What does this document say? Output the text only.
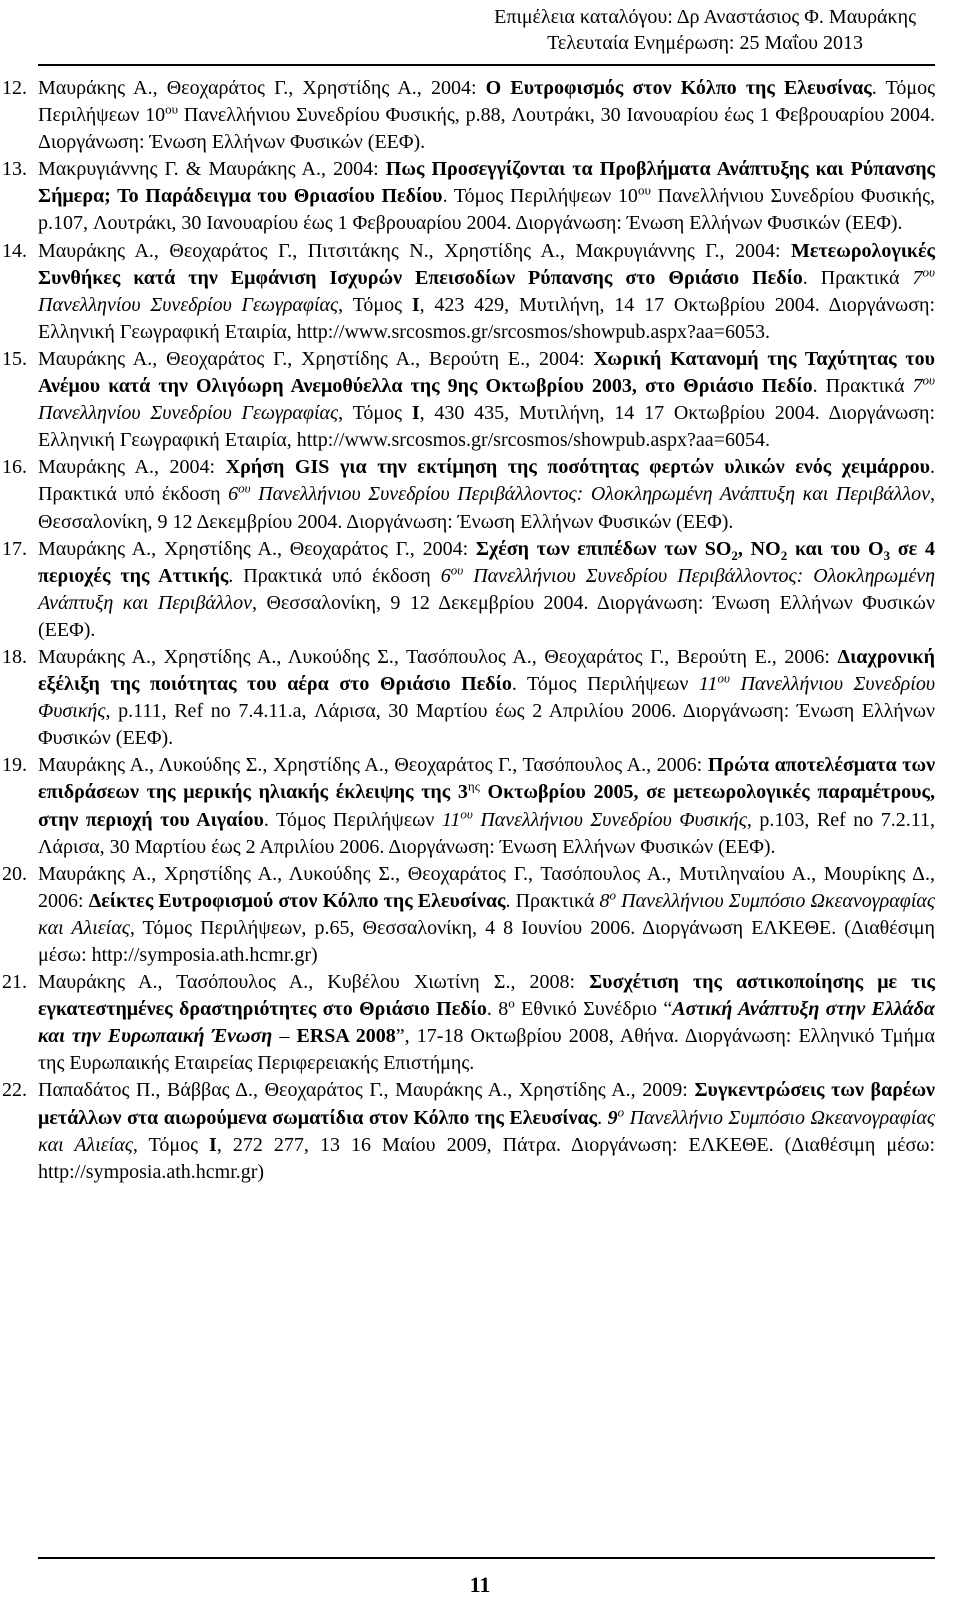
Επιμέλεια καταλόγου: Δρ Αναστάσιος Φ. Μαυράκης
Τελευταία Ενημέρωση: 25 Μαΐου 2013
12. Μαυράκης Α., Θεοχαράτος Γ., Χρηστίδης Α., 2004: Ο Ευτροφισμός στον Κόλπο της Ελευσίνας. Τόμος Περιλήψεων $10^{o\upsilon}$ Πανελλήνιου Συνεδρίου Φυσικής, p.88, Λουτράκι, 30 Ιανουαρίου έως 1 Φεβρουαρίου 2004. Διοργάνωση: Ένωση Ελλήνων Φυσικών (ΕΕΦ).
13. Μακρυγιάννης Γ. & Μαυράκης Α., 2004: Πως Προσεγγίζονται τα Προβλήματα Ανάπτυξης και Ρύπανσης Σήμερα; Το Παράδειγμα του Θριασίου Πεδίου. Τόμος Περιλήψεων $10^{o\upsilon}$ Πανελλήνιου Συνεδρίου Φυσικής, p.107, Λουτράκι, 30 Ιανουαρίου έως 1 Φεβρουαρίου 2004. Διοργάνωση: Ένωση Ελλήνων Φυσικών (ΕΕΦ).
14. Μαυράκης Α., Θεοχαράτος Γ., Πιτσιτάκης Ν., Χρηστίδης Α., Μακρυγιάννης Γ., 2004: Μετεωρολογικές Συνθήκες κατά την Εμφάνιση Ισχυρών Επεισοδίων Ρύπανσης στο Θριάσιο Πεδίο. Πρακτικά $7^{o\upsilon}$ Πανελληνίου Συνεδρίου Γεωγραφίας, Τόμος I, 423 429, Μυτιλήνη, 14 17 Οκτωβρίου 2004. Διοργάνωση: Ελληνική Γεωγραφική Εταιρία, http://www.srcosmos.gr/srcosmos/showpub.aspx?aa=6053.
15. Μαυράκης Α., Θεοχαράτος Γ., Χρηστίδης Α., Βερούτη Ε., 2004: Χωρική Κατανομή της Ταχύτητας του Ανέμου κατά την Ολιγόωρη Ανεμοθύελλα της 9ης Οκτωβρίου 2003, στο Θριάσιο Πεδίο. Πρακτικά $7^{o\upsilon}$ Πανελληνίου Συνεδρίου Γεωγραφίας, Τόμος I, 430 435, Μυτιλήνη, 14 17 Οκτωβρίου 2004. Διοργάνωση: Ελληνική Γεωγραφική Εταιρία, http://www.srcosmos.gr/srcosmos/showpub.aspx?aa=6054.
16. Μαυράκης Α., 2004: Χρήση GIS για την εκτίμηση της ποσότητας φερτών υλικών ενός χειμάρρου. Πρακτικά υπό έκδοση $6^{o\upsilon}$ Πανελλήνιου Συνεδρίου Περιβάλλοντος: Ολοκληρωμένη Ανάπτυξη και Περιβάλλον, Θεσσαλονίκη, 9 12 Δεκεμβρίου 2004. Διοργάνωση: Ένωση Ελλήνων Φυσικών (ΕΕΦ).
17. Μαυράκης Α., Χρηστίδης Α., Θεοχαράτος Γ., 2004: Σχέση των επιπέδων των $SO_2$, $NO_2$ και του $O_3$ σε 4 περιοχές της Αττικής. Πρακτικά υπό έκδοση $6^{o\upsilon}$ Πανελλήνιου Συνεδρίου Περιβάλλοντος: Ολοκληρωμένη Ανάπτυξη και Περιβάλλον, Θεσσαλονίκη, 9 12 Δεκεμβρίου 2004. Διοργάνωση: Ένωση Ελλήνων Φυσικών (ΕΕΦ).
18. Μαυράκης Α., Χρηστίδης Α., Λυκούδης Σ., Τασόπουλος Α., Θεοχαράτος Γ., Βερούτη Ε., 2006: Διαχρονική εξέλιξη της ποιότητας του αέρα στο Θριάσιο Πεδίο. Τόμος Περιλήψεων $11^{o\upsilon}$ Πανελλήνιου Συνεδρίου Φυσικής, p.111, Ref no 7.4.11.a, Λάρισα, 30 Μαρτίου έως 2 Απριλίου 2006. Διοργάνωση: Ένωση Ελλήνων Φυσικών (ΕΕΦ).
19. Μαυράκης Α., Λυκούδης Σ., Χρηστίδης Α., Θεοχαράτος Γ., Τασόπουλος Α., 2006: Πρώτα αποτελέσματα των επιδράσεων της μερικής ηλιακής έκλειψης της $3^{\eta\varsigma}$ Οκτωβρίου 2005, σε μετεωρολογικές παραμέτρους, στην περιοχή του Αιγαίου. Τόμος Περιλήψεων $11^{o\upsilon}$ Πανελλήνιου Συνεδρίου Φυσικής, p.103, Ref no 7.2.11, Λάρισα, 30 Μαρτίου έως 2 Απριλίου 2006. Διοργάνωση: Ένωση Ελλήνων Φυσικών (ΕΕΦ).
20. Μαυράκης Α., Χρηστίδης Α., Λυκούδης Σ., Θεοχαράτος Γ., Τασόπουλος Α., Μυτιληναίου Α., Μουρίκης Δ., 2006: Δείκτες Ευτροφισμού στον Κόλπο της Ελευσίνας. Πρακτικά $8^o$ Πανελλήνιου Συμπόσιο Ωκεανογραφίας και Αλιείας, Τόμος Περιλήψεων, p.65, Θεσσαλονίκη, 4 8 Ιουνίου 2006. Διοργάνωση ΕΛΚΕΘΕ. (Διαθέσιμη μέσω: http://symposia.ath.hcmr.gr)
21. Μαυράκης Α., Τασόπουλος Α., Κυβέλου Χιωτίνη Σ., 2008: Συσχέτιση της αστικοποίησης με τις εγκατεστημένες δραστηριότητες στο Θριάσιο Πεδίο. $8^o$ Εθνικό Συνέδριο “Αστική Ανάπτυξη στην Ελλάδα και την Ευρωπαική Ένωση – ERSA 2008”, 17-18 Οκτωβρίου 2008, Αθήνα. Διοργάνωση: Ελληνικό Τμήμα της Ευρωπαικής Εταιρείας Περιφερειακής Επιστήμης.
22. Παπαδάτος Π., Βάββας Δ., Θεοχαράτος Γ., Μαυράκης Α., Χρηστίδης Α., 2009: Συγκεντρώσεις των βαρέων μετάλλων στα αιωρούμενα σωματίδια στον Κόλπο της Ελευσίνας. $9^o$ Πανελλήνιο Συμπόσιο Ωκεανογραφίας και Αλιείας, Τόμος I, 272 277, 13 16 Μαίου 2009, Πάτρα. Διοργάνωση: ΕΛΚΕΘΕ. (Διαθέσιμη μέσω: http://symposia.ath.hcmr.gr)
11
